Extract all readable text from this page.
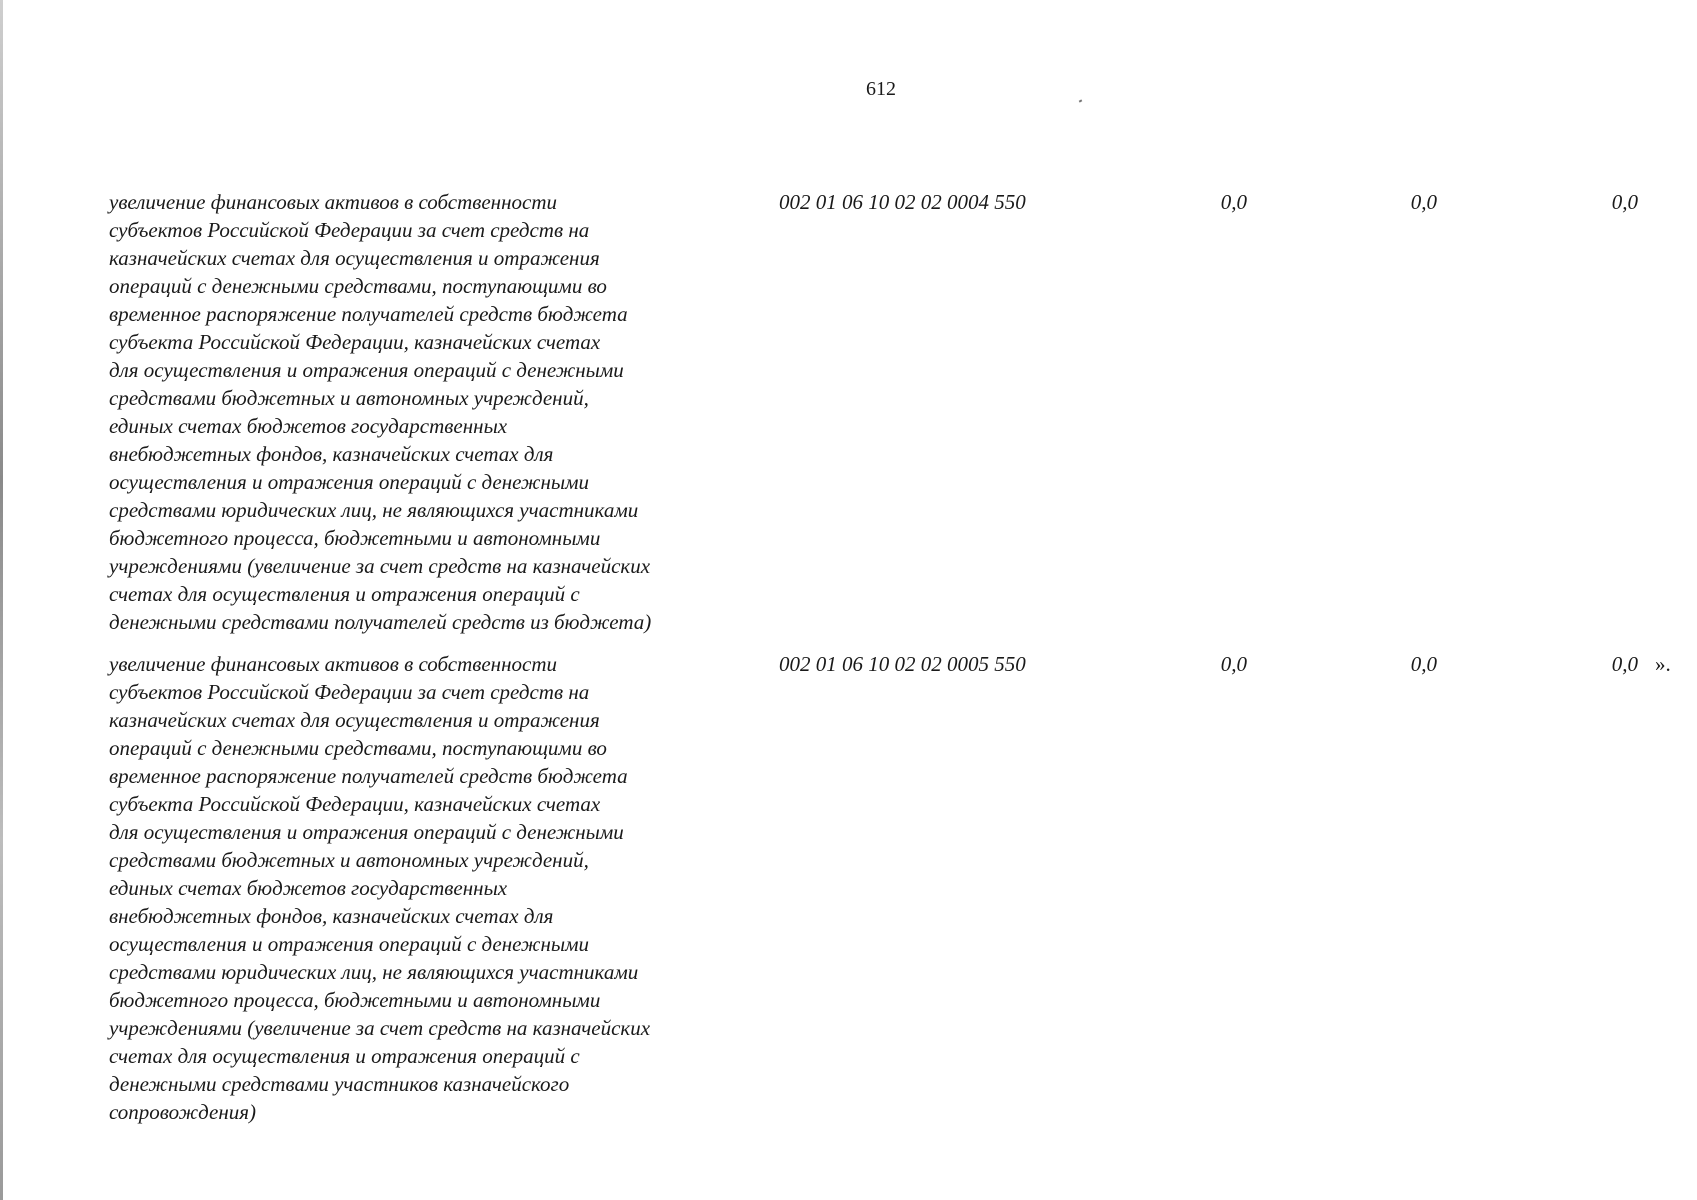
612
увеличение финансовых активов в собственности
субъектов Российской Федерации за счет средств на
казначейских счетах для осуществления и отражения
операций с денежными средствами, поступающими во
временное распоряжение получателей средств бюджета
субъекта Российской Федерации, казначейских счетах
для осуществления и отражения операций с денежными
средствами бюджетных и автономных учреждений,
единых счетах бюджетов государственных
внебюджетных фондов, казначейских счетах для
осуществления и отражения операций с денежными
средствами юридических лиц, не являющихся участниками
бюджетного процесса, бюджетными и автономными
учреждениями (увеличение за счет средств на казначейских
счетах для осуществления и отражения операций с
денежными средствами получателей средств из бюджета)
002 01 06 10 02 02 0004 550	0,0	0,0	0,0
увеличение финансовых активов в собственности
субъектов Российской Федерации за счет средств на
казначейских счетах для осуществления и отражения
операций с денежными средствами, поступающими во
временное распоряжение получателей средств бюджета
субъекта Российской Федерации, казначейских счетах
для осуществления и отражения операций с денежными
средствами бюджетных и автономных учреждений,
единых счетах бюджетов государственных
внебюджетных фондов, казначейских счетах для
осуществления и отражения операций с денежными
средствами юридических лиц, не являющихся участниками
бюджетного процесса, бюджетными и автономными
учреждениями (увеличение за счет средств на казначейских
счетах для осуществления и отражения операций с
денежными средствами участников казначейского
сопровождения)
002 01 06 10 02 02 0005 550	0,0	0,0	0,0 ».
